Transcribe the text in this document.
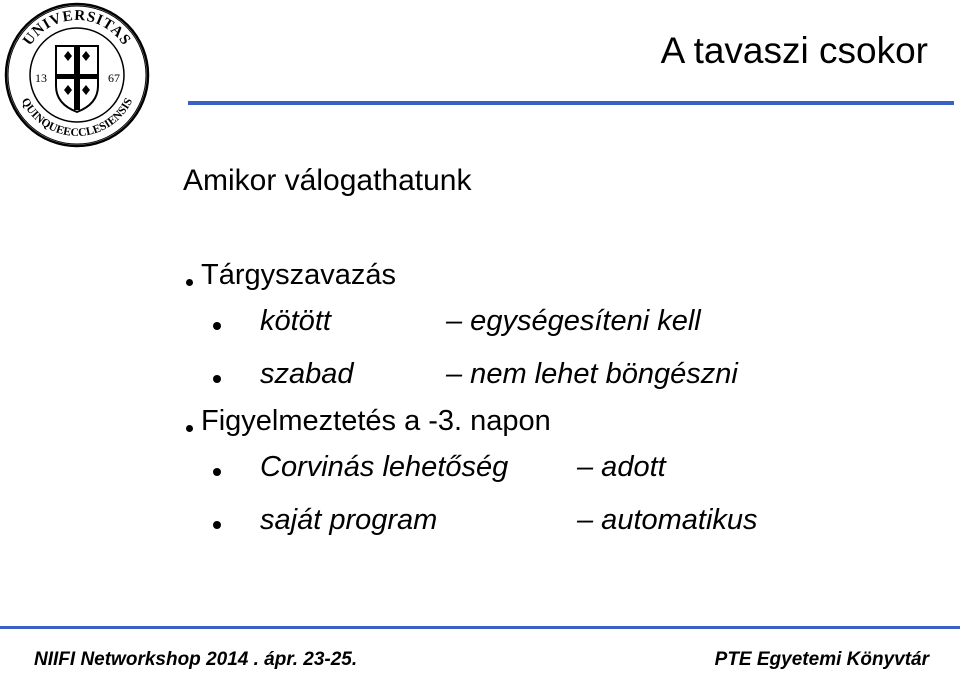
UNIVERSITAS
QUINQUEECCLESIENSIS
13	67
A tavaszi csokor
Amikor válogathatunk
Tárgyszavazás
kötött	– egységesíteni kell
szabad	– nem lehet böngészni
Figyelmeztetés a -3. napon
Corvinás lehetőség – adott
saját program	– automatikus
NIIFI Networkshop 2014 . ápr. 23-25.	PTE Egyetemi Könyvtár
